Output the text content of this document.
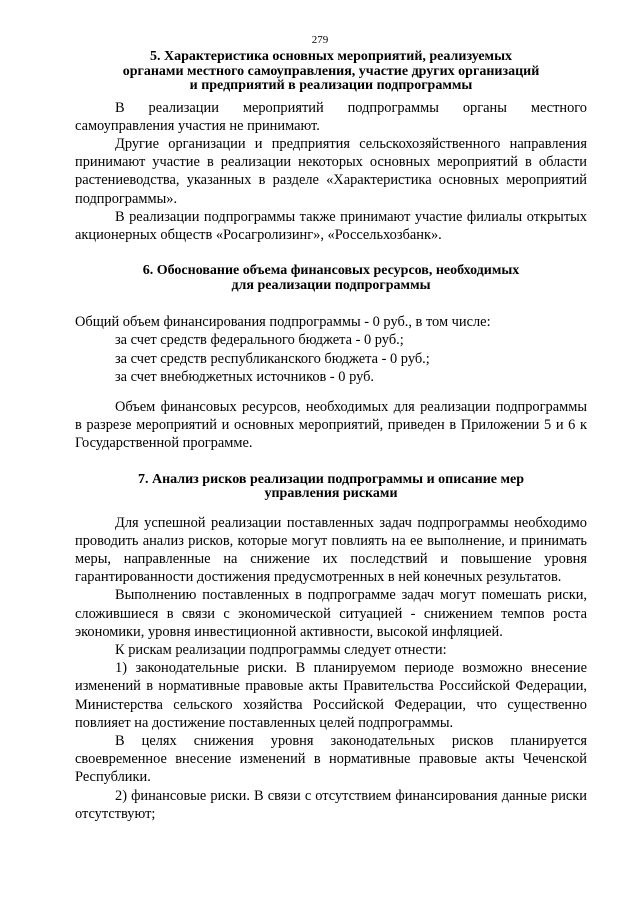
279
5. Характеристика основных мероприятий, реализуемых
органами местного самоуправления, участие других организаций
и предприятий в реализации подпрограммы

В реализации мероприятий подпрограммы органы местного самоуправления участия не принимают.

Другие организации и предприятия сельскохозяйственного направления принимают участие в реализации некоторых основных мероприятий в области растениеводства, указанных в разделе «Характеристика основных мероприятий подпрограммы».

В реализации подпрограммы также принимают участие филиалы открытых акционерных обществ «Росагролизинг», «Россельхозбанк».

6. Обоснование объема финансовых ресурсов, необходимых
для реализации подпрограммы

Общий объем финансирования подпрограммы - 0 руб., в том числе:

за счет средств федерального бюджета - 0 руб.;

за счет средств республиканского бюджета - 0 руб.;

за счет внебюджетных источников - 0 руб.

Объем финансовых ресурсов, необходимых для реализации подпрограммы в разрезе мероприятий и основных мероприятий, приведен в Приложении 5 и 6 к Государственной программе.

7. Анализ рисков реализации подпрограммы и описание мер
управления рисками

Для успешной реализации поставленных задач подпрограммы необходимо проводить анализ рисков, которые могут повлиять на ее выполнение, и принимать меры, направленные на снижение их последствий и повышение уровня гарантированности достижения предусмотренных в ней конечных результатов.

Выполнению поставленных в подпрограмме задач могут помешать риски, сложившиеся в связи с экономической ситуацией - снижением темпов роста экономики, уровня инвестиционной активности, высокой инфляцией.

К рискам реализации подпрограммы следует отнести:

1) законодательные риски. В планируемом периоде возможно внесение изменений в нормативные правовые акты Правительства Российской Федерации, Министерства сельского хозяйства Российской Федерации, что существенно повлияет на достижение поставленных целей подпрограммы.

В целях снижения уровня законодательных рисков планируется своевременное внесение изменений в нормативные правовые акты Чеченской Республики.

2) финансовые риски. В связи с отсутствием финансирования данные риски отсутствуют;
